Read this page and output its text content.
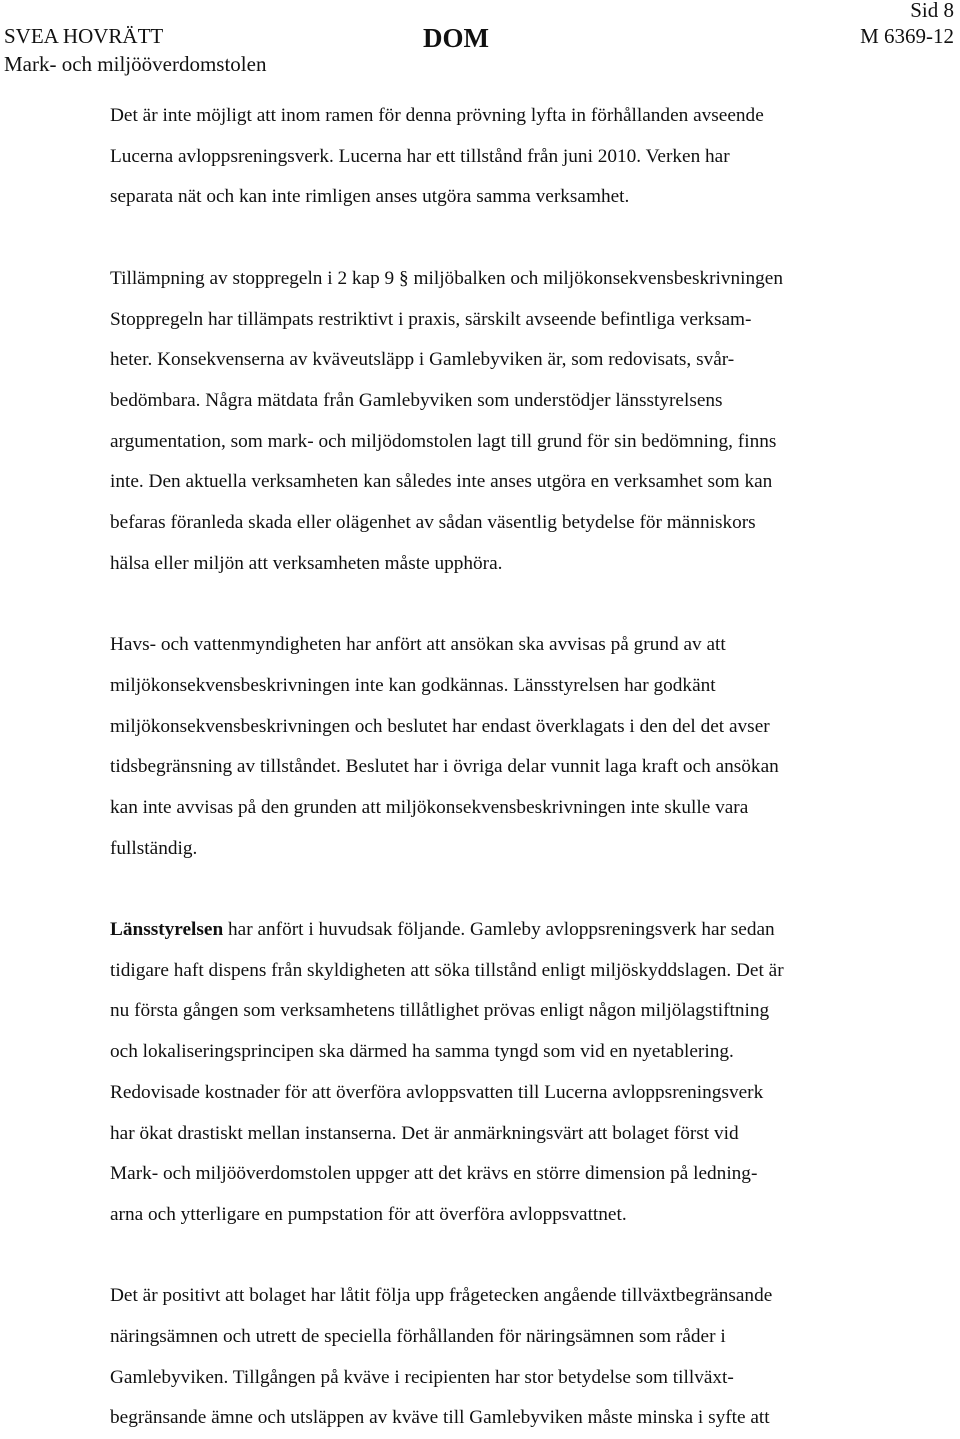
SVEA HOVRÄTT
Mark- och miljööverdomstolen
DOM
Sid 8
M 6369-12

Det är inte möjligt att inom ramen för denna prövning lyfta in förhållanden avseende
Lucerna avloppsreningsverk. Lucerna har ett tillstånd från juni 2010. Verken har
separata nät och kan inte rimligen anses utgöra samma verksamhet.

Tillämpning av stoppregeln i 2 kap 9 § miljöbalken och miljökonsekvensbeskrivningen
Stoppregeln har tillämpats restriktivt i praxis, särskilt avseende befintliga verksam-
heter. Konsekvenserna av kväveutsläpp i Gamlebyviken är, som redovisats, svår-
bedömbara. Några mätdata från Gamlebyviken som understödjer länsstyrelsens
argumentation, som mark- och miljödomstolen lagt till grund för sin bedömning, finns
inte. Den aktuella verksamheten kan således inte anses utgöra en verksamhet som kan
befaras föranleda skada eller olägenhet av sådan väsentlig betydelse för människors
hälsa eller miljön att verksamheten måste upphöra.

Havs- och vattenmyndigheten har anfört att ansökan ska avvisas på grund av att
miljökonsekvensbeskrivningen inte kan godkännas. Länsstyrelsen har godkänt
miljökonsekvensbeskrivningen och beslutet har endast överklagats i den del det avser
tidsbegränsning av tillståndet. Beslutet har i övriga delar vunnit laga kraft och ansökan
kan inte avvisas på den grunden att miljökonsekvensbeskrivningen inte skulle vara
fullständig.

Länsstyrelsen har anfört i huvudsak följande. Gamleby avloppsreningsverk har sedan
tidigare haft dispens från skyldigheten att söka tillstånd enligt miljöskyddslagen. Det är
nu första gången som verksamhetens tillåtlighet prövas enligt någon miljölagstiftning
och lokaliseringsprincipen ska därmed ha samma tyngd som vid en nyetablering.
Redovisade kostnader för att överföra avloppsvatten till Lucerna avloppsreningsverk
har ökat drastiskt mellan instanserna. Det är anmärkningsvärt att bolaget först vid
Mark- och miljööverdomstolen uppger att det krävs en större dimension på ledning-
arna och ytterligare en pumpstation för att överföra avloppsvattnet.

Det är positivt att bolaget har låtit följa upp frågetecken angående tillväxtbegränsande
näringsämnen och utrett de speciella förhållanden för näringsämnen som råder i
Gamlebyviken. Tillgången på kväve i recipienten har stor betydelse som tillväxt-
begränsande ämne och utsläppen av kväve till Gamlebyviken måste minska i syfte att
